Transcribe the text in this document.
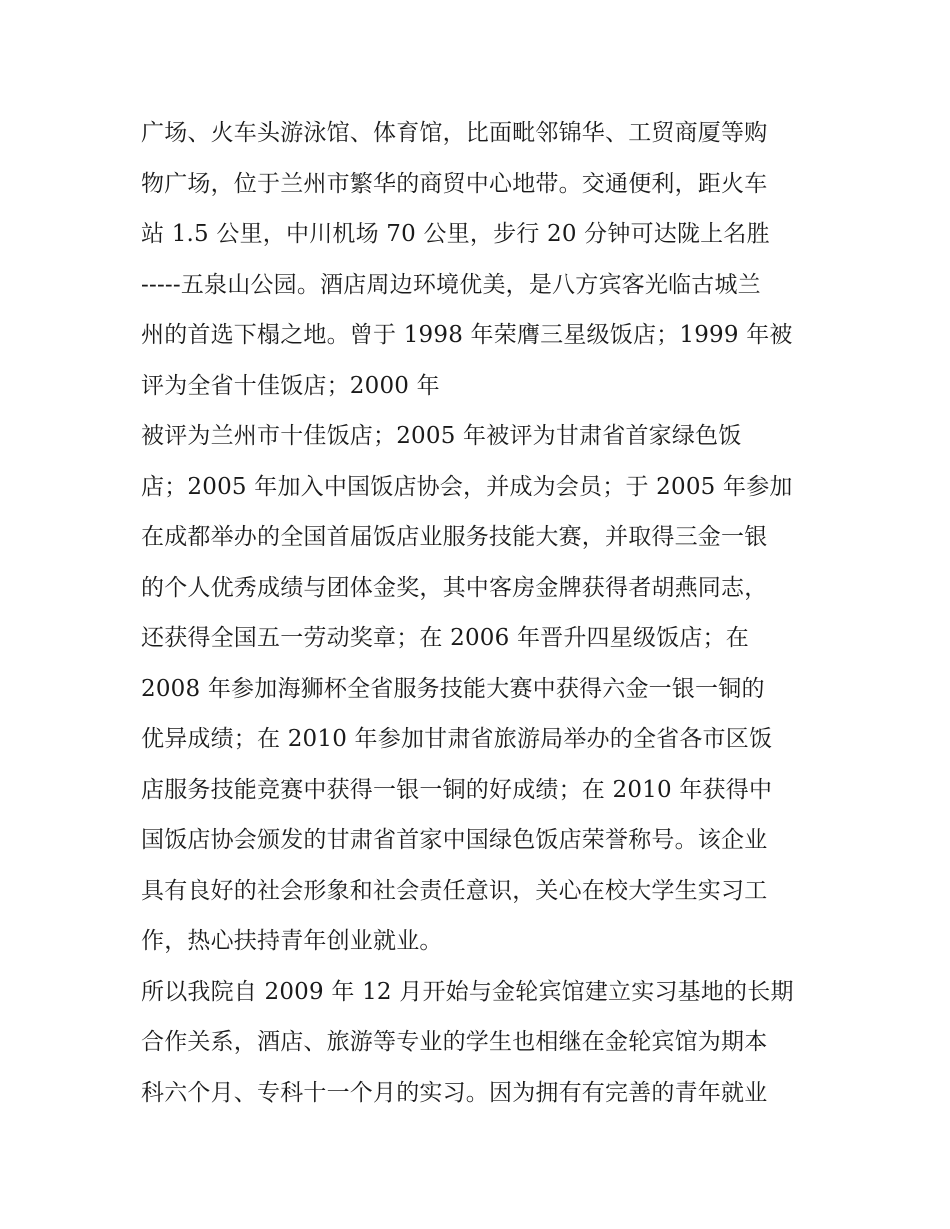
广场、火车头游泳馆、体育馆，比面毗邻锦华、工贸商厦等购
物广场，位于兰州市繁华的商贸中心地带。交通便利，距火车
站 1.5 公里，中川机场 70 公里，步行 20 分钟可达陇上名胜
-----五泉山公园。酒店周边环境优美，是八方宾客光临古城兰
州的首选下榻之地。曾于 1998 年荣膺三星级饭店；1999 年被
评为全省十佳饭店；2000 年
被评为兰州市十佳饭店；2005 年被评为甘肃省首家绿色饭
店；2005 年加入中国饭店协会，并成为会员；于 2005 年参加
在成都举办的全国首届饭店业服务技能大赛，并取得三金一银
的个人优秀成绩与团体金奖，其中客房金牌获得者胡燕同志，
还获得全国五一劳动奖章；在 2006 年晋升四星级饭店；在
2008 年参加海狮杯全省服务技能大赛中获得六金一银一铜的
优异成绩；在 2010 年参加甘肃省旅游局举办的全省各市区饭
店服务技能竞赛中获得一银一铜的好成绩；在 2010 年获得中
国饭店协会颁发的甘肃省首家中国绿色饭店荣誉称号。该企业
具有良好的社会形象和社会责任意识，关心在校大学生实习工
作，热心扶持青年创业就业。
所以我院自 2009 年 12 月开始与金轮宾馆建立实习基地的长期
合作关系，酒店、旅游等专业的学生也相继在金轮宾馆为期本
科六个月、专科十一个月的实习。因为拥有有完善的青年就业
